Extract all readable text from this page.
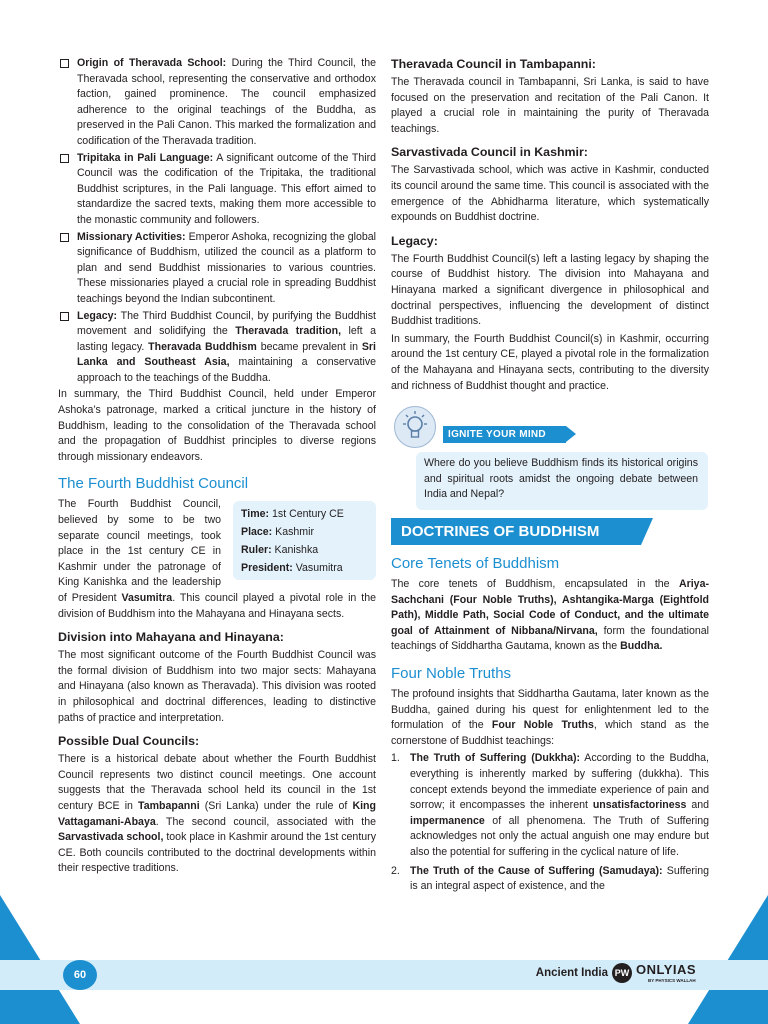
Origin of Theravada School: During the Third Council, the Theravada school, representing the conservative and orthodox faction, gained prominence. The council emphasized adherence to the original teachings of the Buddha, as preserved in the Pali Canon. This marked the formalization and codification of the Theravada tradition.
Tripitaka in Pali Language: A significant outcome of the Third Council was the codification of the Tripitaka, the traditional Buddhist scriptures, in the Pali language. This effort aimed to standardize the sacred texts, making them more accessible to the monastic community and followers.
Missionary Activities: Emperor Ashoka, recognizing the global significance of Buddhism, utilized the council as a platform to plan and send Buddhist missionaries to various countries. These missionaries played a crucial role in spreading Buddhist teachings beyond the Indian subcontinent.
Legacy: The Third Buddhist Council, by purifying the Buddhist movement and solidifying the Theravada tradition, left a lasting legacy. Theravada Buddhism became prevalent in Sri Lanka and Southeast Asia, maintaining a conservative approach to the teachings of the Buddha.

In summary, the Third Buddhist Council, held under Emperor Ashoka’s patronage, marked a critical juncture in the history of Buddhism, leading to the consolidation of the Theravada school and the propagation of Buddhist principles to diverse regions through missionary endeavors.

The Fourth Buddhist Council
Time: 1st Century CE
Place: Kashmir
Ruler: Kanishka
President: Vasumitra

The Fourth Buddhist Council, believed by some to be two separate council meetings, took place in the 1st century CE in Kashmir under the patronage of King Kanishka and the leadership of President Vasumitra. This council played a pivotal role in the division of Buddhism into the Mahayana and Hinayana sects.

Division into Mahayana and Hinayana:

The most significant outcome of the Fourth Buddhist Council was the formal division of Buddhism into two major sects: Mahayana and Hinayana (also known as Theravada). This division was rooted in philosophical and doctrinal differences, leading to distinctive paths of practice and interpretation.

Possible Dual Councils:

There is a historical debate about whether the Fourth Buddhist Council represents two distinct council meetings. One account suggests that the Theravada school held its council in the 1st century BCE in Tambapanni (Sri Lanka) under the rule of King Vattagamani-Abaya. The second council, associated with the Sarvastivada school, took place in Kashmir around the 1st century CE. Both councils contributed to the doctrinal developments within their respective traditions.

Theravada Council in Tambapanni:

The Theravada council in Tambapanni, Sri Lanka, is said to have focused on the preservation and recitation of the Pali Canon. It played a crucial role in maintaining the purity of Theravada teachings.

Sarvastivada Council in Kashmir:

The Sarvastivada school, which was active in Kashmir, conducted its council around the same time. This council is associated with the emergence of the Abhidharma literature, which systematically expounds on Buddhist doctrine.

Legacy:

The Fourth Buddhist Council(s) left a lasting legacy by shaping the course of Buddhist history. The division into Mahayana and Hinayana marked a significant divergence in philosophical and doctrinal perspectives, influencing the development of distinct Buddhist traditions.

In summary, the Fourth Buddhist Council(s) in Kashmir, occurring around the 1st century CE, played a pivotal role in the formalization of the Mahayana and Hinayana sects, contributing to the diversity and richness of Buddhist thought and practice.

IGNITE YOUR MIND
Where do you believe Buddhism finds its historical origins and spiritual roots amidst the ongoing debate between India and Nepal?
DOCTRINES OF BUDDHISM
Core Tenets of Buddhism

The core tenets of Buddhism, encapsulated in the Ariya-Sachchani (Four Noble Truths), Ashtangika-Marga (Eightfold Path), Middle Path, Social Code of Conduct, and the ultimate goal of Attainment of Nibbana/Nirvana, form the foundational teachings of Siddhartha Gautama, known as the Buddha.

Four Noble Truths

The profound insights that Siddhartha Gautama, later known as the Buddha, gained during his quest for enlightenment led to the formulation of the Four Noble Truths, which stand as the cornerstone of Buddhist teachings:

1. The Truth of Suffering (Dukkha): According to the Buddha, everything is inherently marked by suffering (dukkha). This concept extends beyond the immediate experience of pain and sorrow; it encompasses the inherent unsatisfactoriness and impermanence of all phenomena. The Truth of Suffering acknowledges not only the actual anguish one may endure but also the potential for suffering in the cyclical nature of life.
2. The Truth of the Cause of Suffering (Samudaya): Suffering is an integral aspect of existence, and the
60	Ancient India PW ONLYIAS
BY PHYSICS WALLAH
